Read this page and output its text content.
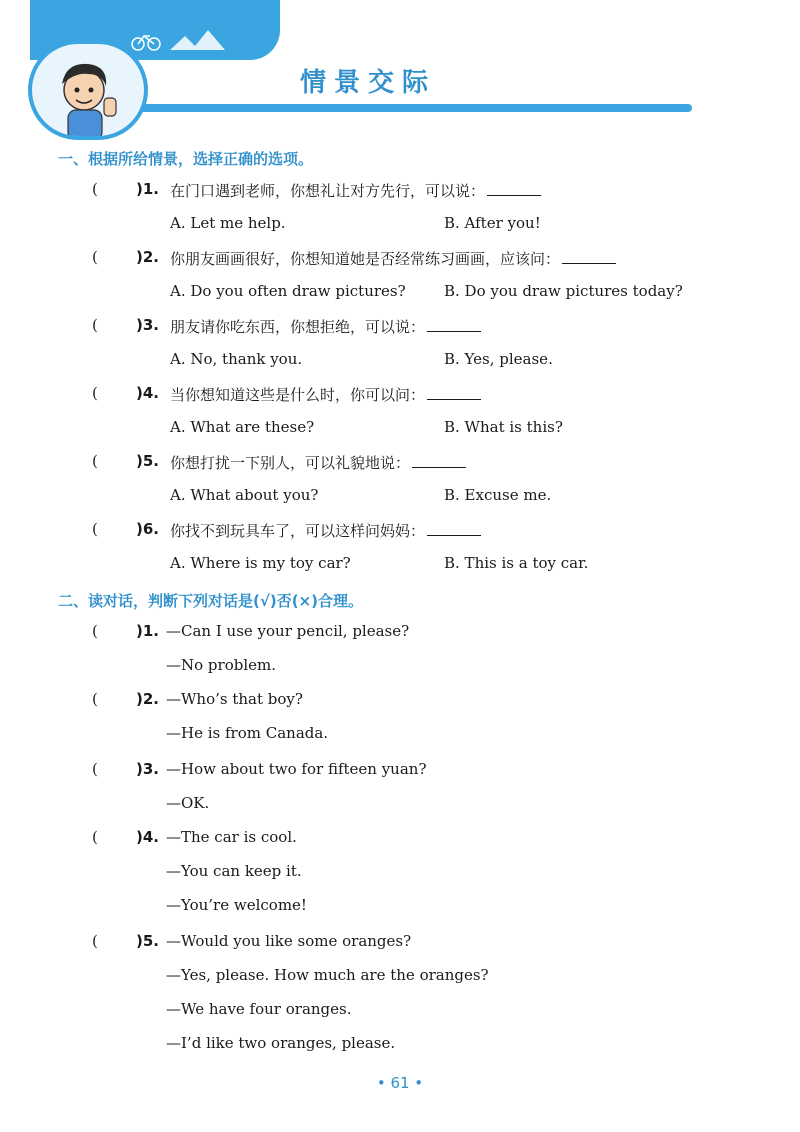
情景交际
一、根据所给情景，选择正确的选项。
(	)1. 在门口遇到老师，你想礼让对方先行，可以说：
A. Let me help.	B. After you!
(	)2. 你朋友画画很好，你想知道她是否经常练习画画，应该问：
A. Do you often draw pictures?	B. Do you draw pictures today?
(	)3. 朋友请你吃东西，你想拒绝，可以说：
A. No, thank you.	B. Yes, please.
(	)4. 当你想知道这些是什么时，你可以问：
A. What are these?	B. What is this?
(	)5. 你想打扰一下别人，可以礼貌地说：
A. What about you?	B. Excuse me.
(	)6. 你找不到玩具车了，可以这样问妈妈：
A. Where is my toy car?	B. This is a toy car.
二、读对话，判断下列对话是(√)否(×)合理。
(	)1. —Can I use your pencil, please?
—No problem.
(	)2. —Who’s that boy?
—He is from Canada.
(	)3. —How about two for fifteen yuan?
—OK.
(	)4. —The car is cool.
—You can keep it.
—You’re welcome!
(	)5. —Would you like some oranges?
—Yes, please. How much are the oranges?
—We have four oranges.
—I’d like two oranges, please.
• 61 •
